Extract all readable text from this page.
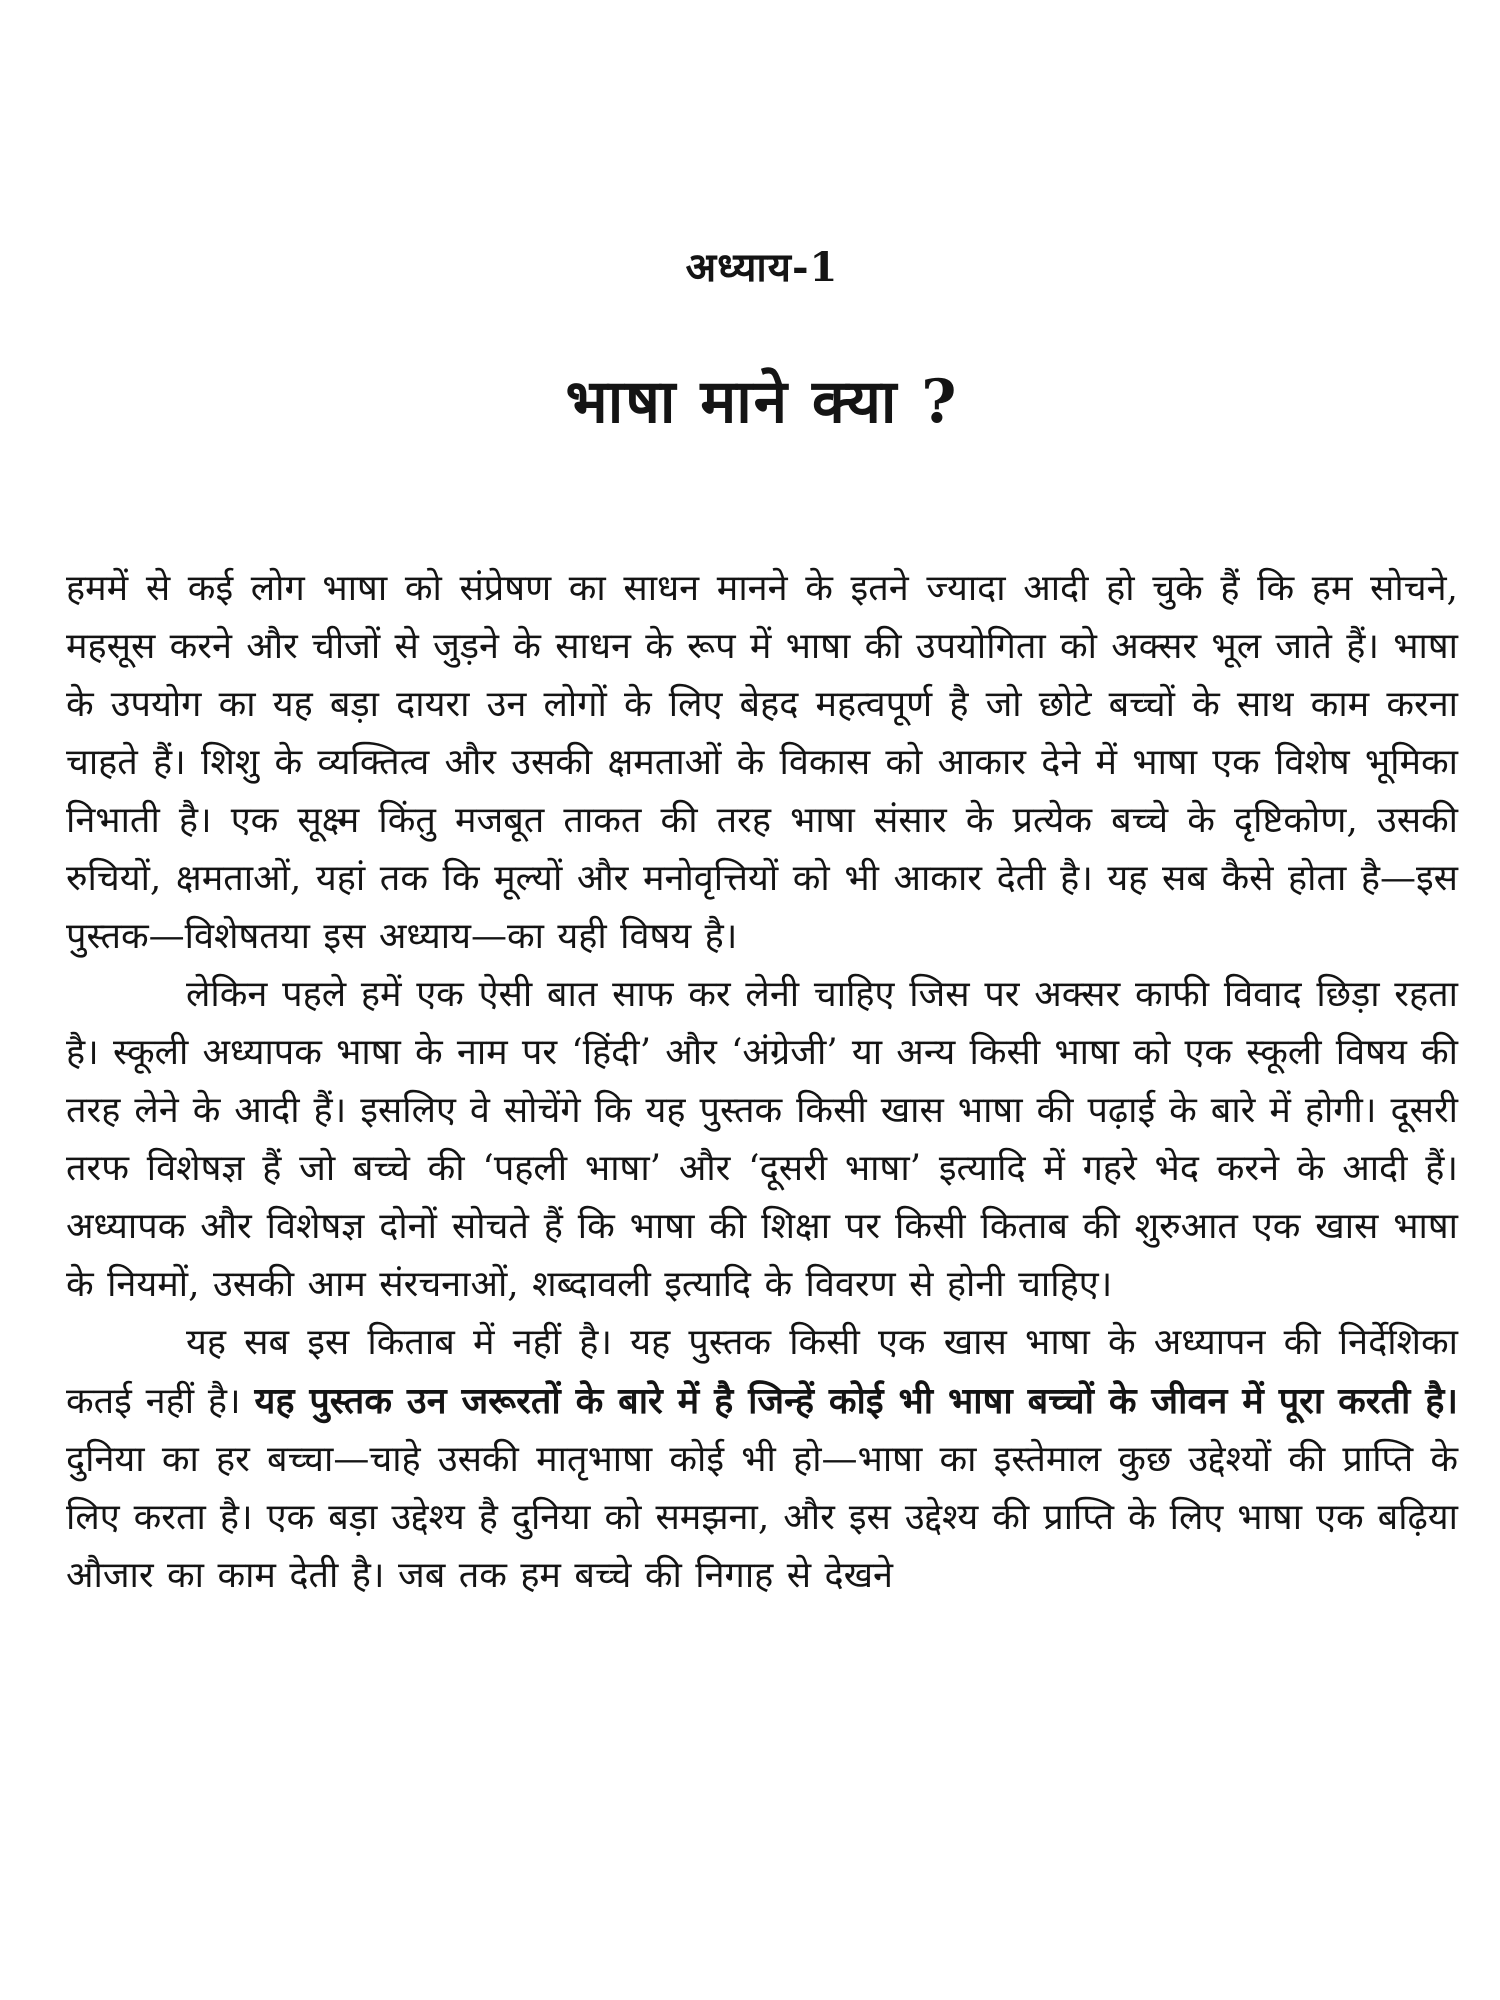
अध्याय-1
भाषा माने क्या ?

हममें से कई लोग भाषा को संप्रेषण का साधन मानने के इतने ज्यादा आदी हो चुके हैं कि हम सोचने, महसूस करने और चीजों से जुड़ने के साधन के रूप में भाषा की उपयोगिता को अक्सर भूल जाते हैं। भाषा के उपयोग का यह बड़ा दायरा उन लोगों के लिए बेहद महत्वपूर्ण है जो छोटे बच्चों के साथ काम करना चाहते हैं। शिशु के व्यक्तित्व और उसकी क्षमताओं के विकास को आकार देने में भाषा एक विशेष भूमिका निभाती है। एक सूक्ष्म किंतु मजबूत ताकत की तरह भाषा संसार के प्रत्येक बच्चे के दृष्टिकोण, उसकी रुचियों, क्षमताओं, यहां तक कि मूल्यों और मनोवृत्तियों को भी आकार देती है। यह सब कैसे होता है—इस पुस्तक—विशेषतया इस अध्याय—का यही विषय है।

लेकिन पहले हमें एक ऐसी बात साफ कर लेनी चाहिए जिस पर अक्सर काफी विवाद छिड़ा रहता है। स्कूली अध्यापक भाषा के नाम पर ‘हिंदी’ और ‘अंग्रेजी’ या अन्य किसी भाषा को एक स्कूली विषय की तरह लेने के आदी हैं। इसलिए वे सोचेंगे कि यह पुस्तक किसी खास भाषा की पढ़ाई के बारे में होगी। दूसरी तरफ विशेषज्ञ हैं जो बच्चे की ‘पहली भाषा’ और ‘दूसरी भाषा’ इत्यादि में गहरे भेद करने के आदी हैं। अध्यापक और विशेषज्ञ दोनों सोचते हैं कि भाषा की शिक्षा पर किसी किताब की शुरुआत एक खास भाषा के नियमों, उसकी आम संरचनाओं, शब्दावली इत्यादि के विवरण से होनी चाहिए।

यह सब इस किताब में नहीं है। यह पुस्तक किसी एक खास भाषा के अध्यापन की निर्देशिका कतई नहीं है। यह पुस्तक उन जरूरतों के बारे में है जिन्हें कोई भी भाषा बच्चों के जीवन में पूरा करती है। दुनिया का हर बच्चा—चाहे उसकी मातृभाषा कोई भी हो—भाषा का इस्तेमाल कुछ उद्देश्यों की प्राप्ति के लिए करता है। एक बड़ा उद्देश्य है दुनिया को समझना, और इस उद्देश्य की प्राप्ति के लिए भाषा एक बढ़िया औजार का काम देती है। जब तक हम बच्चे की निगाह से देखने
